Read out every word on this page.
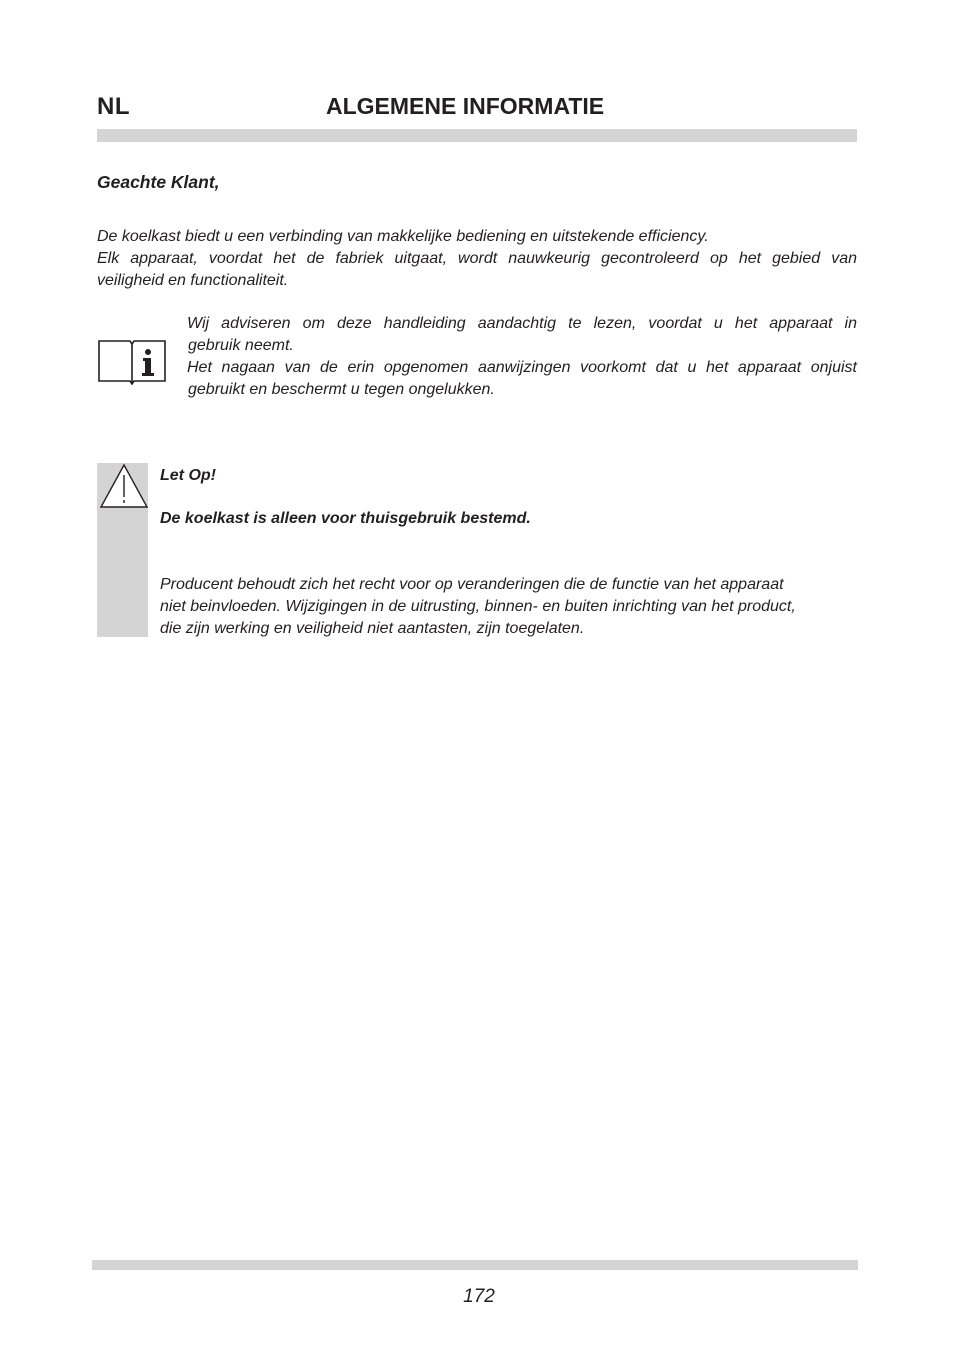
NL	ALGEMENE INFORMATIE
Geachte Klant,

De koelkast biedt u een verbinding van makkelijke bediening en uitstekende efficiency.
Elk apparaat, voordat het de fabriek uitgaat, wordt nauwkeurig gecontroleerd op het gebied van
veiligheid en functionaliteit.

Wij adviseren om deze handleiding aandachtig te lezen, voordat u het apparaat in
gebruik neemt.
Het nagaan van de erin opgenomen aanwijzingen voorkomt dat u het apparaat onjuist
gebruikt en beschermt u tegen ongelukken.
Let Op!
De koelkast is alleen voor thuisgebruik bestemd.
Producent behoudt zich het recht voor op veranderingen die de functie van het apparaat
niet beinvloeden. Wijzigingen in de uitrusting, binnen- en buiten inrichting van het product,
die zijn werking en veiligheid niet aantasten, zijn toegelaten.
172
